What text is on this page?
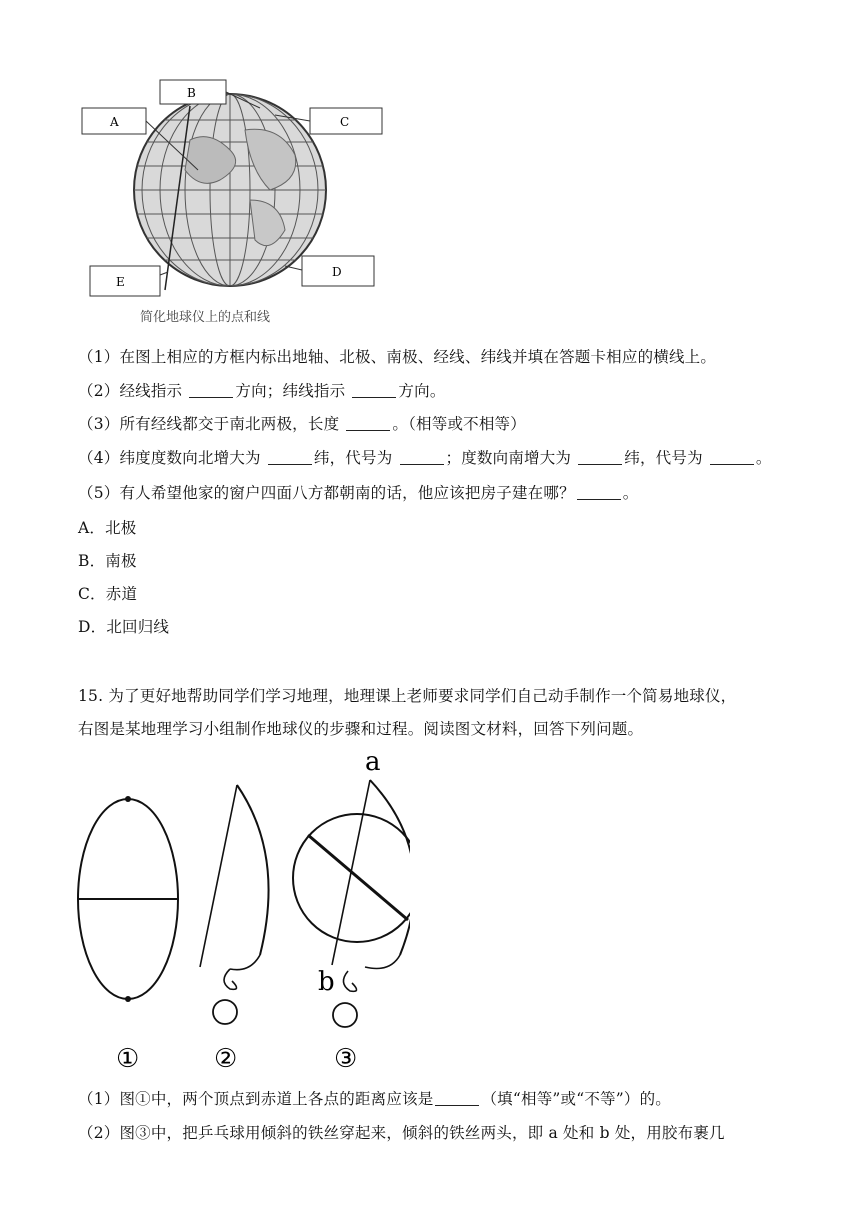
A
B
C
D
E
简化地球仪上的点和线
（1）在图上相应的方框内标出地轴、北极、南极、经线、纬线并填在答题卡相应的横线上。
（2）经线指示	方向；纬线指示	方向。
（3）所有经线都交于南北两极，长度	。（相等或不相等）
（4）纬度度数向北增大为	纬，代号为	；度数向南增大为	纬，代号为	。
（5）有人希望他家的窗户四面八方都朝南的话，他应该把房子建在哪？	。
A．北极
B．南极
C．赤道
D．北回归线
15. 为了更好地帮助同学们学习地理，地理课上老师要求同学们自己动手制作一个简易地球仪，
右图是某地理学习小组制作地球仪的步骤和过程。阅读图文材料，回答下列问题。
a
b
①	②	③
（1）图①中，两个顶点到赤道上各点的距离应该是	（填“相等”或“不等”）的。
（2）图③中，把乒乓球用倾斜的铁丝穿起来，倾斜的铁丝两头，即 a 处和 b 处，用胶布裹几
